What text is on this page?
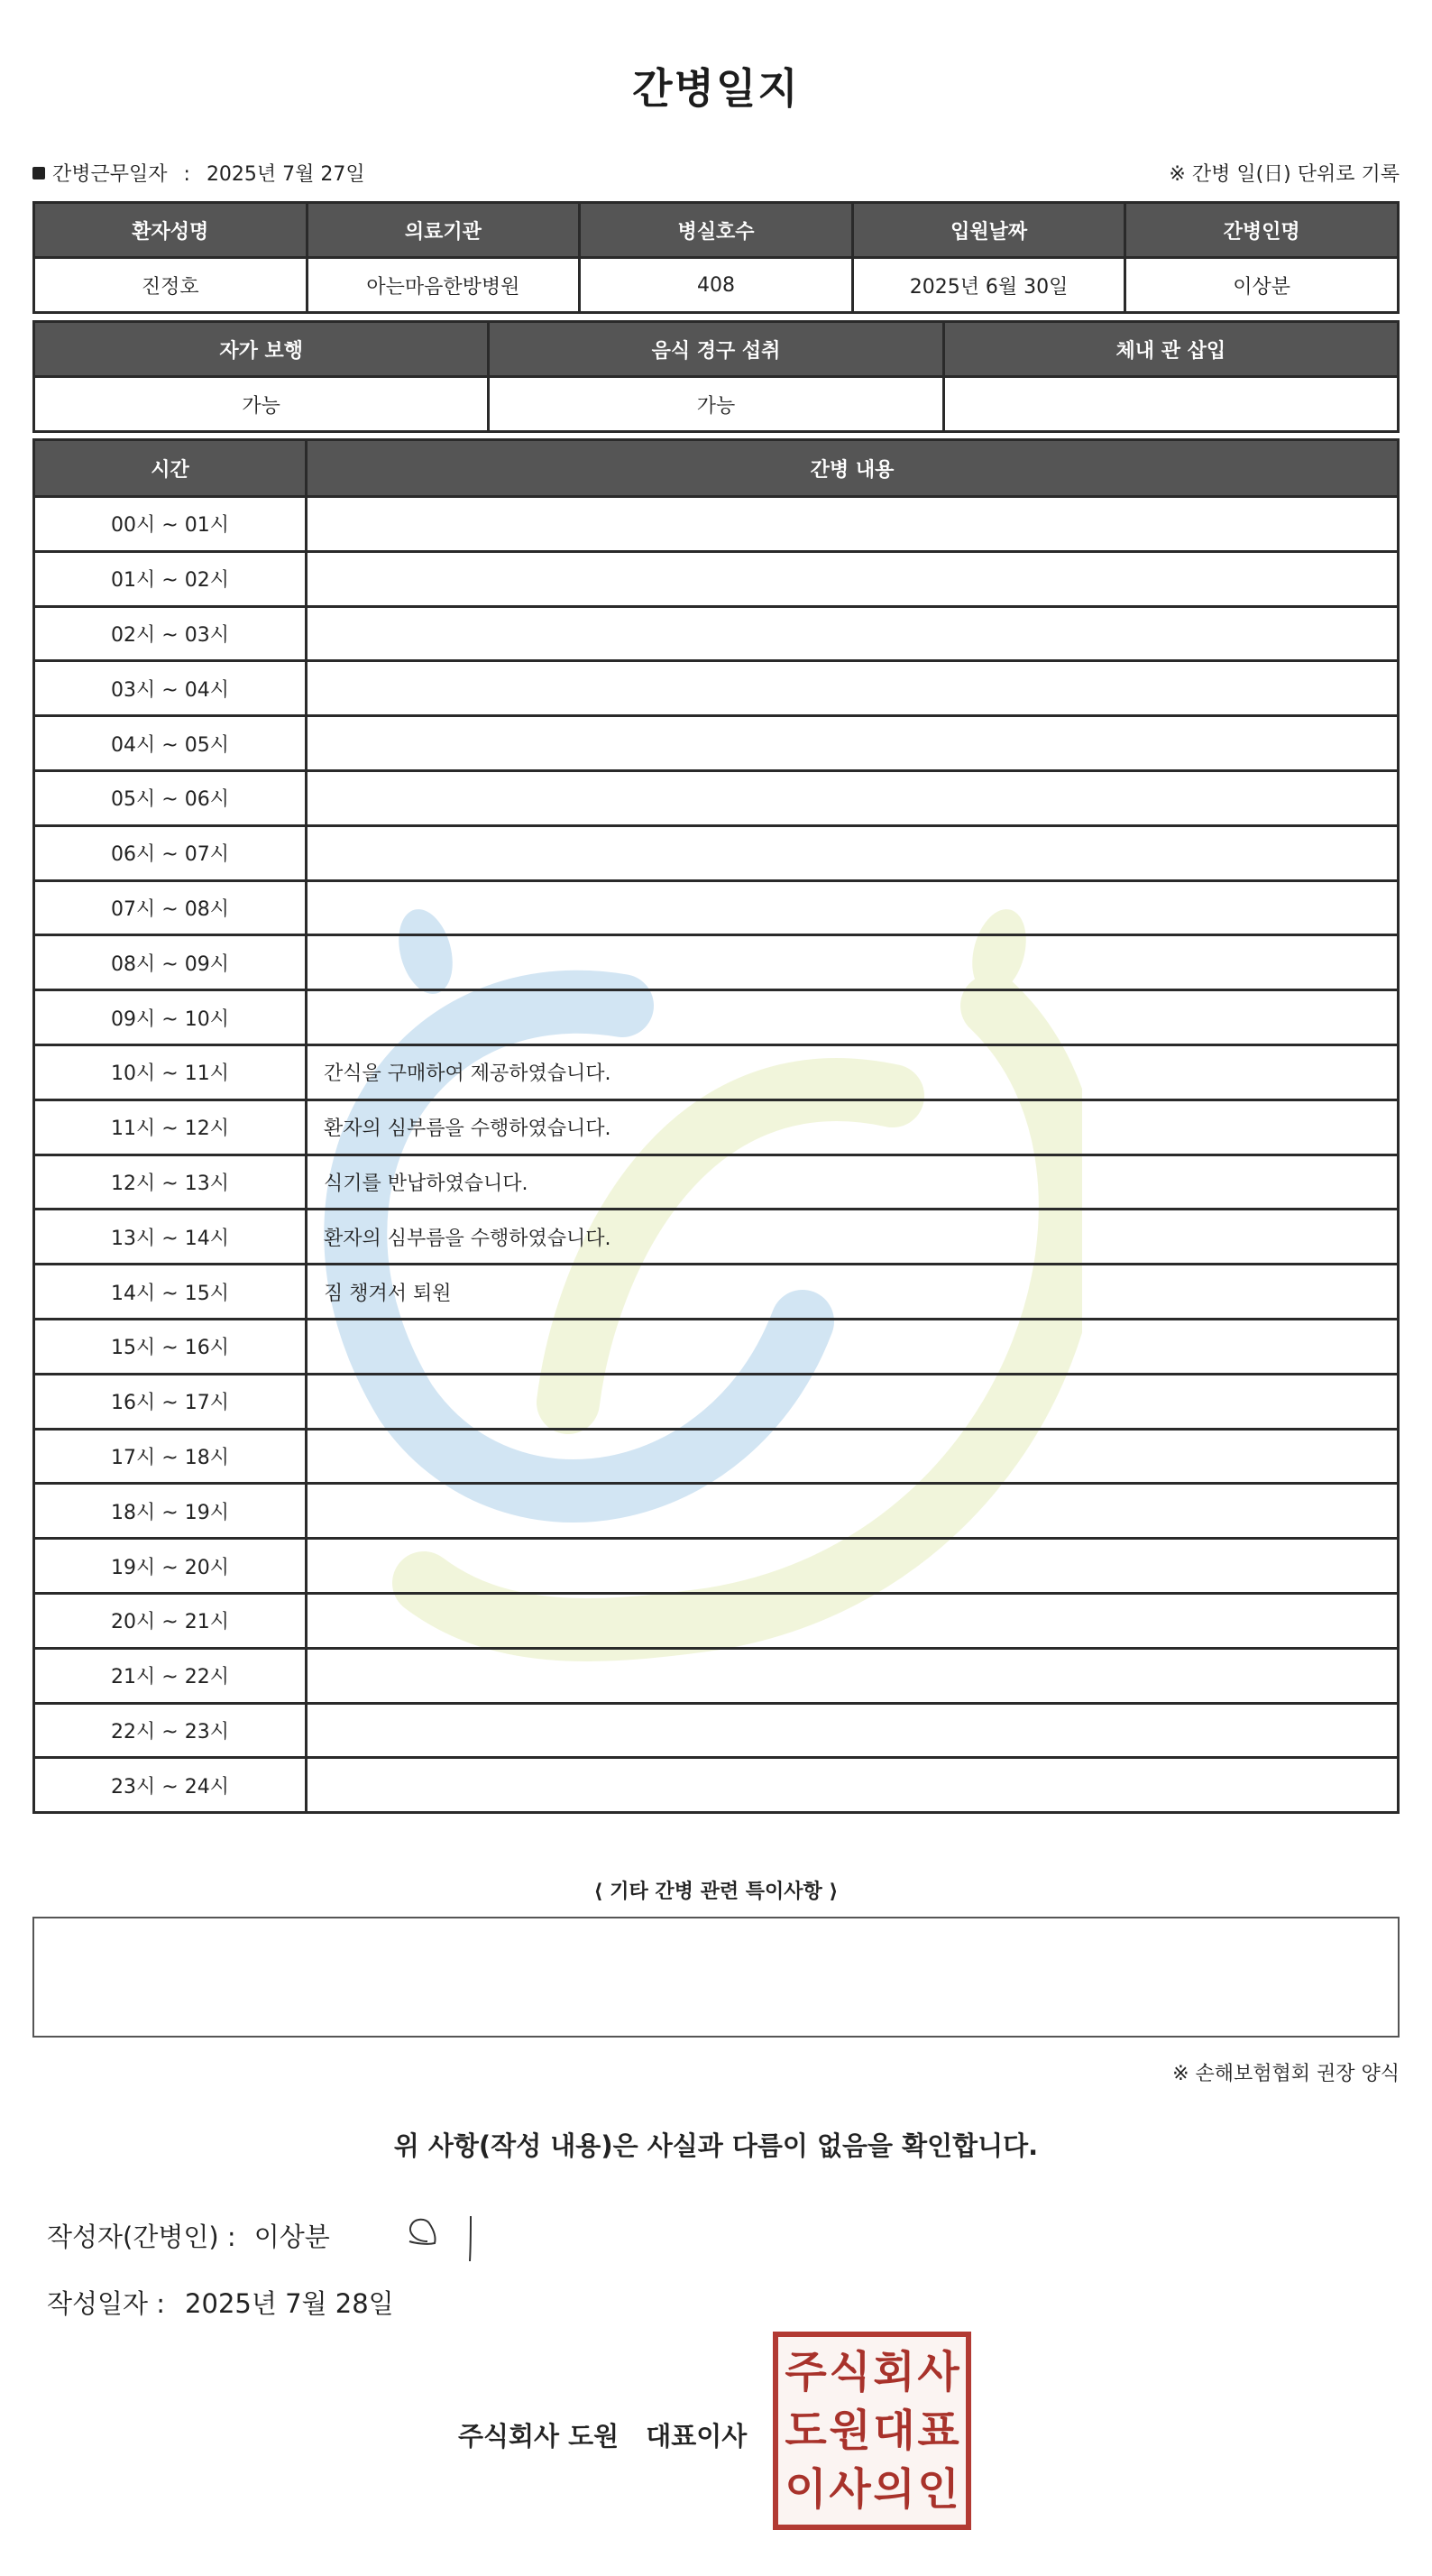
간병일지
간병근무일자 : 2025년 7월 27일	※ 간병 일(日) 단위로 기록
환자성명	의료기관	병실호수	입원날짜	간병인명
진정호	아는마음한방병원	408	2025년 6월 30일	이상분
자가 보행	음식 경구 섭취	체내 관 삽입
가능	가능	
시간	간병 내용
00시 ~ 01시	
01시 ~ 02시	
02시 ~ 03시	
03시 ~ 04시	
04시 ~ 05시	
05시 ~ 06시	
06시 ~ 07시	
07시 ~ 08시	
08시 ~ 09시	
09시 ~ 10시	
10시 ~ 11시	간식을 구매하여 제공하였습니다.
11시 ~ 12시	환자의 심부름을 수행하였습니다.
12시 ~ 13시	식기를 반납하였습니다.
13시 ~ 14시	환자의 심부름을 수행하였습니다.
14시 ~ 15시	짐 챙겨서 퇴원
15시 ~ 16시	
16시 ~ 17시	
17시 ~ 18시	
18시 ~ 19시	
19시 ~ 20시	
20시 ~ 21시	
21시 ~ 22시	
22시 ~ 23시	
23시 ~ 24시	
⟨ 기타 간병 관련 특이사항 ⟩
※ 손해보험협회 권장 양식
위 사항(작성 내용)은 사실과 다름이 없음을 확인합니다.
작성자(간병인) : 이상분
작성일자 : 2025년 7월 28일
주식회사 도원 대표이사
주 식 회 사
도 원 대 표
이 사 의 인
